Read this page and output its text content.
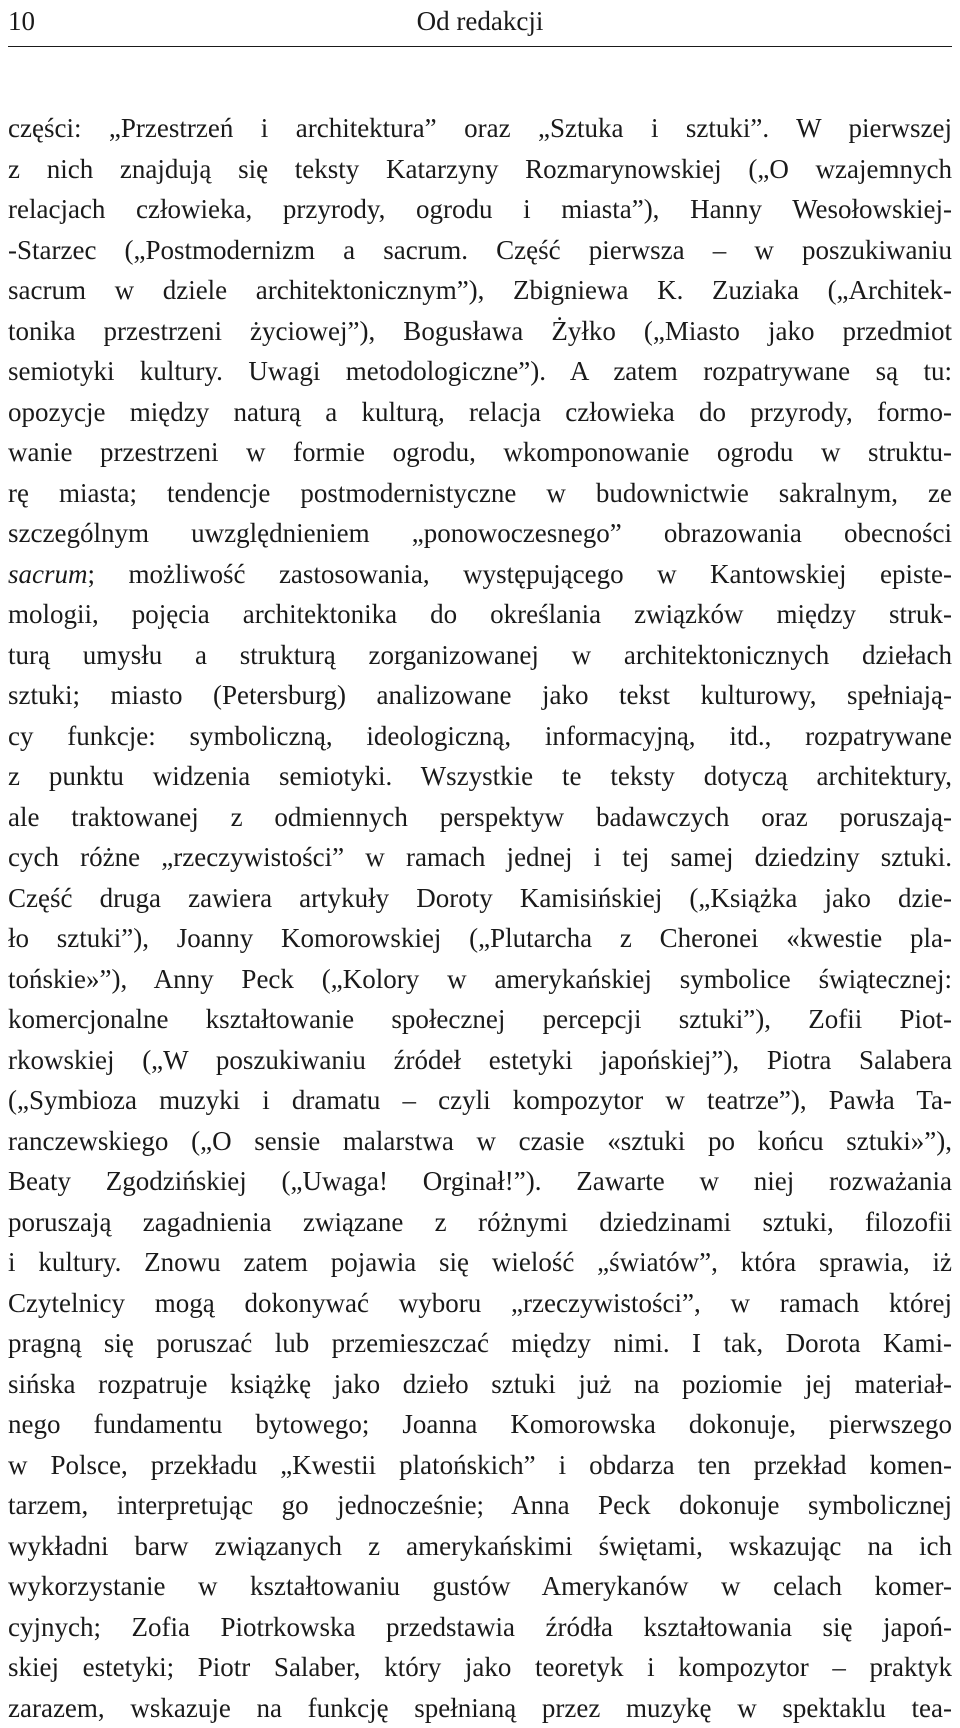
10	Od redakcji
części: „Przestrzeń i architektura” oraz „Sztuka i sztuki”. W pierwszej
z nich znajdują się teksty Katarzyny Rozmarynowskiej („O wzajemnych
relacjach człowieka, przyrody, ogrodu i miasta”), Hanny Wesołowskiej-
-Starzec („Postmodernizm a sacrum. Część pierwsza – w poszukiwaniu
sacrum w dziele architektonicznym”), Zbigniewa K. Zuziaka („Architek-
tonika przestrzeni życiowej”), Bogusława Żyłko („Miasto jako przedmiot
semiotyki kultury. Uwagi metodologiczne”). A zatem rozpatrywane są tu:
opozycje między naturą a kulturą, relacja człowieka do przyrody, formo-
wanie przestrzeni w formie ogrodu, wkomponowanie ogrodu w struktu-
rę miasta; tendencje postmodernistyczne w budownictwie sakralnym, ze
szczególnym uwzględnieniem „ponowoczesnego” obrazowania obecności
sacrum; możliwość zastosowania, występującego w Kantowskiej episte-
mologii, pojęcia architektonika do określania związków między struk-
turą umysłu a strukturą zorganizowanej w architektonicznych dziełach
sztuki; miasto (Petersburg) analizowane jako tekst kulturowy, spełniają-
cy funkcje: symboliczną, ideologiczną, informacyjną, itd., rozpatrywane
z punktu widzenia semiotyki. Wszystkie te teksty dotyczą architektury,
ale traktowanej z odmiennych perspektyw badawczych oraz poruszają-
cych różne „rzeczywistości” w ramach jednej i tej samej dziedziny sztuki.
Część druga zawiera artykuły Doroty Kamisińskiej („Książka jako dzie-
ło sztuki”), Joanny Komorowskiej („Plutarcha z Cheronei «kwestie pla-
tońskie»”), Anny Peck („Kolory w amerykańskiej symbolice świątecznej:
komercjonalne kształtowanie społecznej percepcji sztuki”), Zofii Piot-
rkowskiej („W poszukiwaniu źródeł estetyki japońskiej”), Piotra Salabera
(„Symbioza muzyki i dramatu – czyli kompozytor w teatrze”), Pawła Ta-
ranczewskiego („O sensie malarstwa w czasie «sztuki po końcu sztuki»”),
Beaty Zgodzińskiej („Uwaga! Orginał!”). Zawarte w niej rozważania
poruszają zagadnienia związane z różnymi dziedzinami sztuki, filozofii
i kultury. Znowu zatem pojawia się wielość „światów”, która sprawia, iż
Czytelnicy mogą dokonywać wyboru „rzeczywistości”, w ramach której
pragną się poruszać lub przemieszczać między nimi. I tak, Dorota Kami-
sińska rozpatruje książkę jako dzieło sztuki już na poziomie jej materiał-
nego fundamentu bytowego; Joanna Komorowska dokonuje, pierwszego
w Polsce, przekładu „Kwestii platońskich” i obdarza ten przekład komen-
tarzem, interpretując go jednocześnie; Anna Peck dokonuje symbolicznej
wykładni barw związanych z amerykańskimi świętami, wskazując na ich
wykorzystanie w kształtowaniu gustów Amerykanów w celach komer-
cyjnych; Zofia Piotrkowska przedstawia źródła kształtowania się japoń-
skiej estetyki; Piotr Salaber, który jako teoretyk i kompozytor – praktyk
zarazem, wskazuje na funkcję spełnianą przez muzykę w spektaklu tea-
